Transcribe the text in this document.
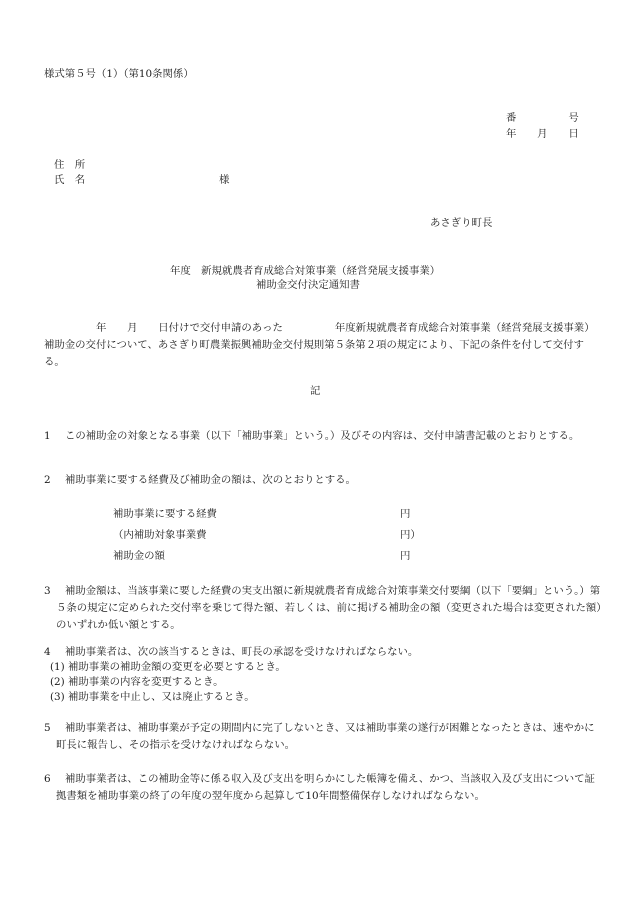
様式第５号（1）（第10条関係）
番　　　　　号
年　　月　　日
住　所
氏　名	様
あさぎり町長
年度　新規就農者育成総合対策事業（経営発展支援事業）
補助金交付決定通知書
　　　　　年　　月　　日付けで交付申請のあった　　　　　年度新規就農者育成総合対策事業（経営発展支援事業）補助金の交付について、あさぎり町農業振興補助金交付規則第５条第２項の規定により、下記の条件を付して交付する。
記
1 この補助金の対象となる事業（以下「補助事業」という。）及びその内容は、交付申請書記載のとおりとする。
2 補助事業に要する経費及び補助金の額は、次のとおりとする。
補助事業に要する経費	円
（内補助対象事業費	円）
補助金の額	円
3 補助金額は、当該事業に要した経費の実支出額に新規就農者育成総合対策事業交付要綱（以下「要綱」という。）第５条の規定に定められた交付率を乗じて得た額、若しくは、前に掲げる補助金の額（変更された場合は変更された額）のいずれか低い額とする。
4 補助事業者は、次の該当するときは、町長の承認を受けなければならない。
(1) 補助事業の補助金額の変更を必要とするとき。
(2) 補助事業の内容を変更するとき。
(3) 補助事業を中止し、又は廃止するとき。
5 補助事業者は、補助事業が予定の期間内に完了しないとき、又は補助事業の遂行が困難となったときは、速やかに町長に報告し、その指示を受けなければならない。
6 補助事業者は、この補助金等に係る収入及び支出を明らかにした帳簿を備え、かつ、当該収入及び支出について証拠書類を補助事業の終了の年度の翌年度から起算して10年間整備保存しなければならない。
